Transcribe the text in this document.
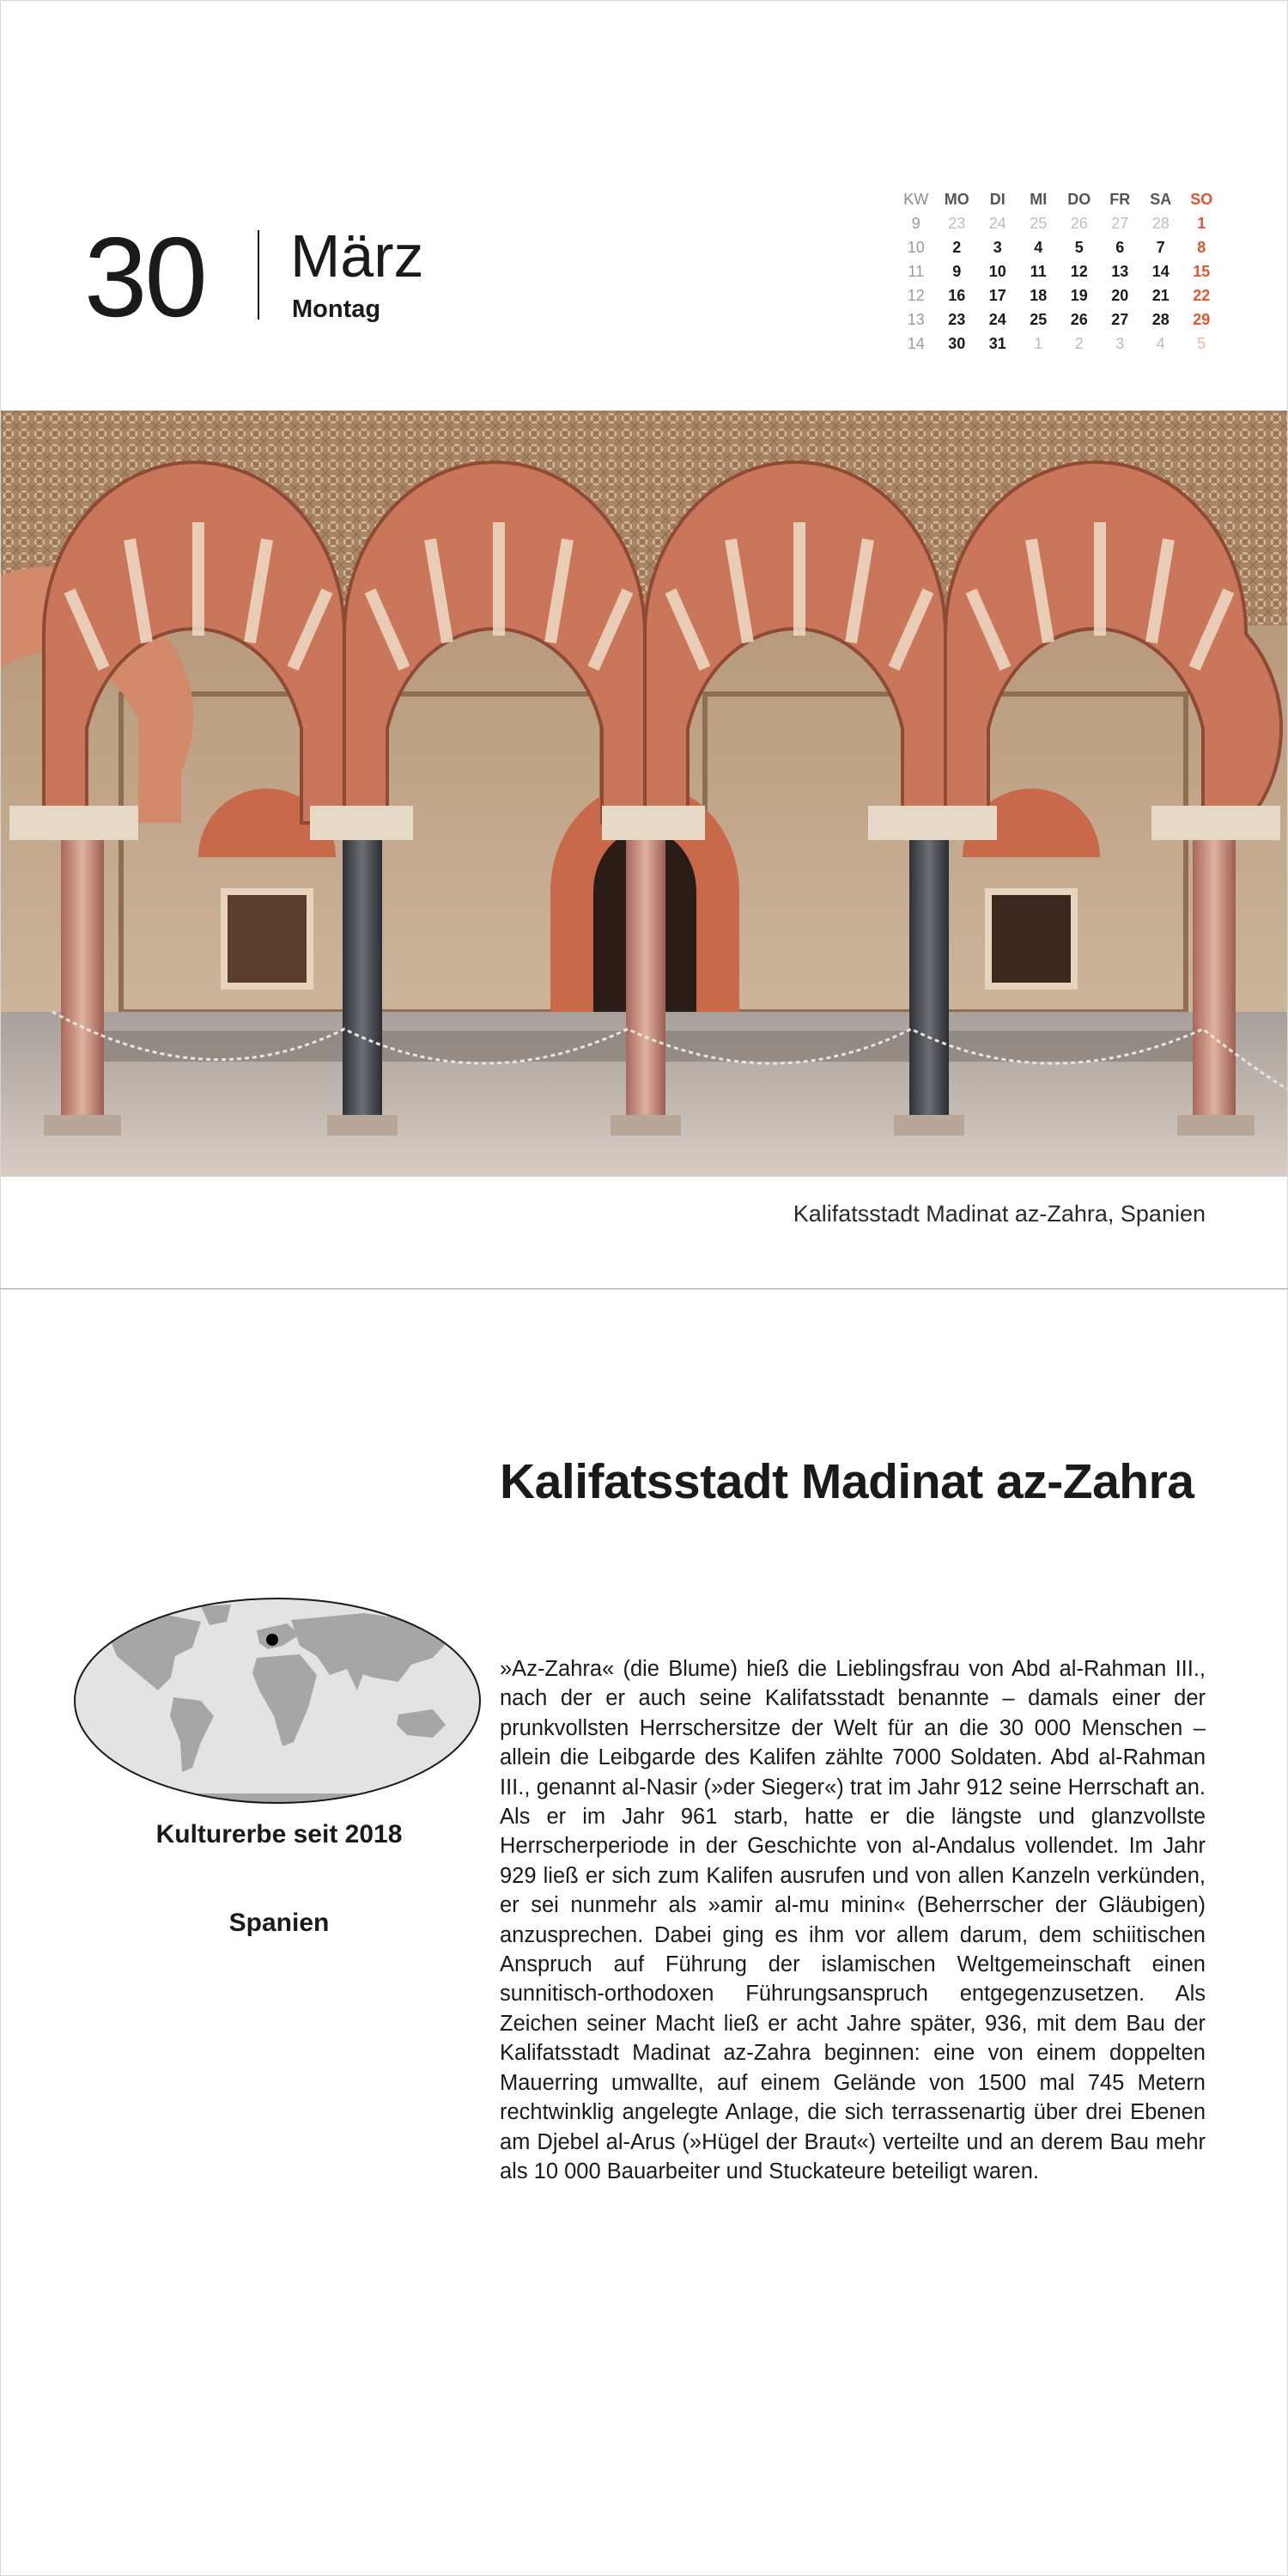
30 März
Montag
KW	MO	DI	MI	DO	FR	SA	SO
9	23	24	25	26	27	28	1
10	2	3	4	5	6	7	8
11	9	10	11	12	13	14	15
12	16	17	18	19	20	21	22
13	23	24	25	26	27	28	29
14	30	31	1	2	3	4	5
Kalifatsstadt Madinat az-Zahra, Spanien
Kalifatsstadt Madinat az-Zahra

»Az-Zahra« (die Blume) hieß die Lieblingsfrau von Abd al-Rahman III., nach der er auch seine Kalifatsstadt benannte – damals einer der prunkvollsten Herrschersitze der Welt für an die 30 000 Menschen – allein die Leibgarde des Kalifen zählte 7000 Soldaten. Abd al-Rahman III., genannt al-Nasir (»der Sieger«) trat im Jahr 912 seine Herrschaft an. Als er im Jahr 961 starb, hatte er die längste und glanzvollste Herrscherperiode in der Geschichte von al-Andalus vollendet. Im Jahr 929 ließ er sich zum Kalifen ausrufen und von allen Kanzeln verkünden, er sei nunmehr als »amir al-mu minin« (Beherrscher der Gläubigen) anzusprechen. Dabei ging es ihm vor allem darum, dem schiitischen Anspruch auf Führung der islamischen Weltgemeinschaft einen sunnitisch-orthodoxen Führungsanspruch entgegenzusetzen. Als Zeichen seiner Macht ließ er acht Jahre später, 936, mit dem Bau der Kalifatsstadt Madinat az-Zahra beginnen: eine von einem doppelten Mauerring umwallte, auf einem Gelände von 1500 mal 745 Metern rechtwinklig angelegte Anlage, die sich terrassenartig über drei Ebenen am Djebel al-Arus (»Hügel der Braut«) verteilte und an derem Bau mehr als 10 000 Bauarbeiter und Stuckateure beteiligt waren.

Kulturerbe seit 2018
Spanien
